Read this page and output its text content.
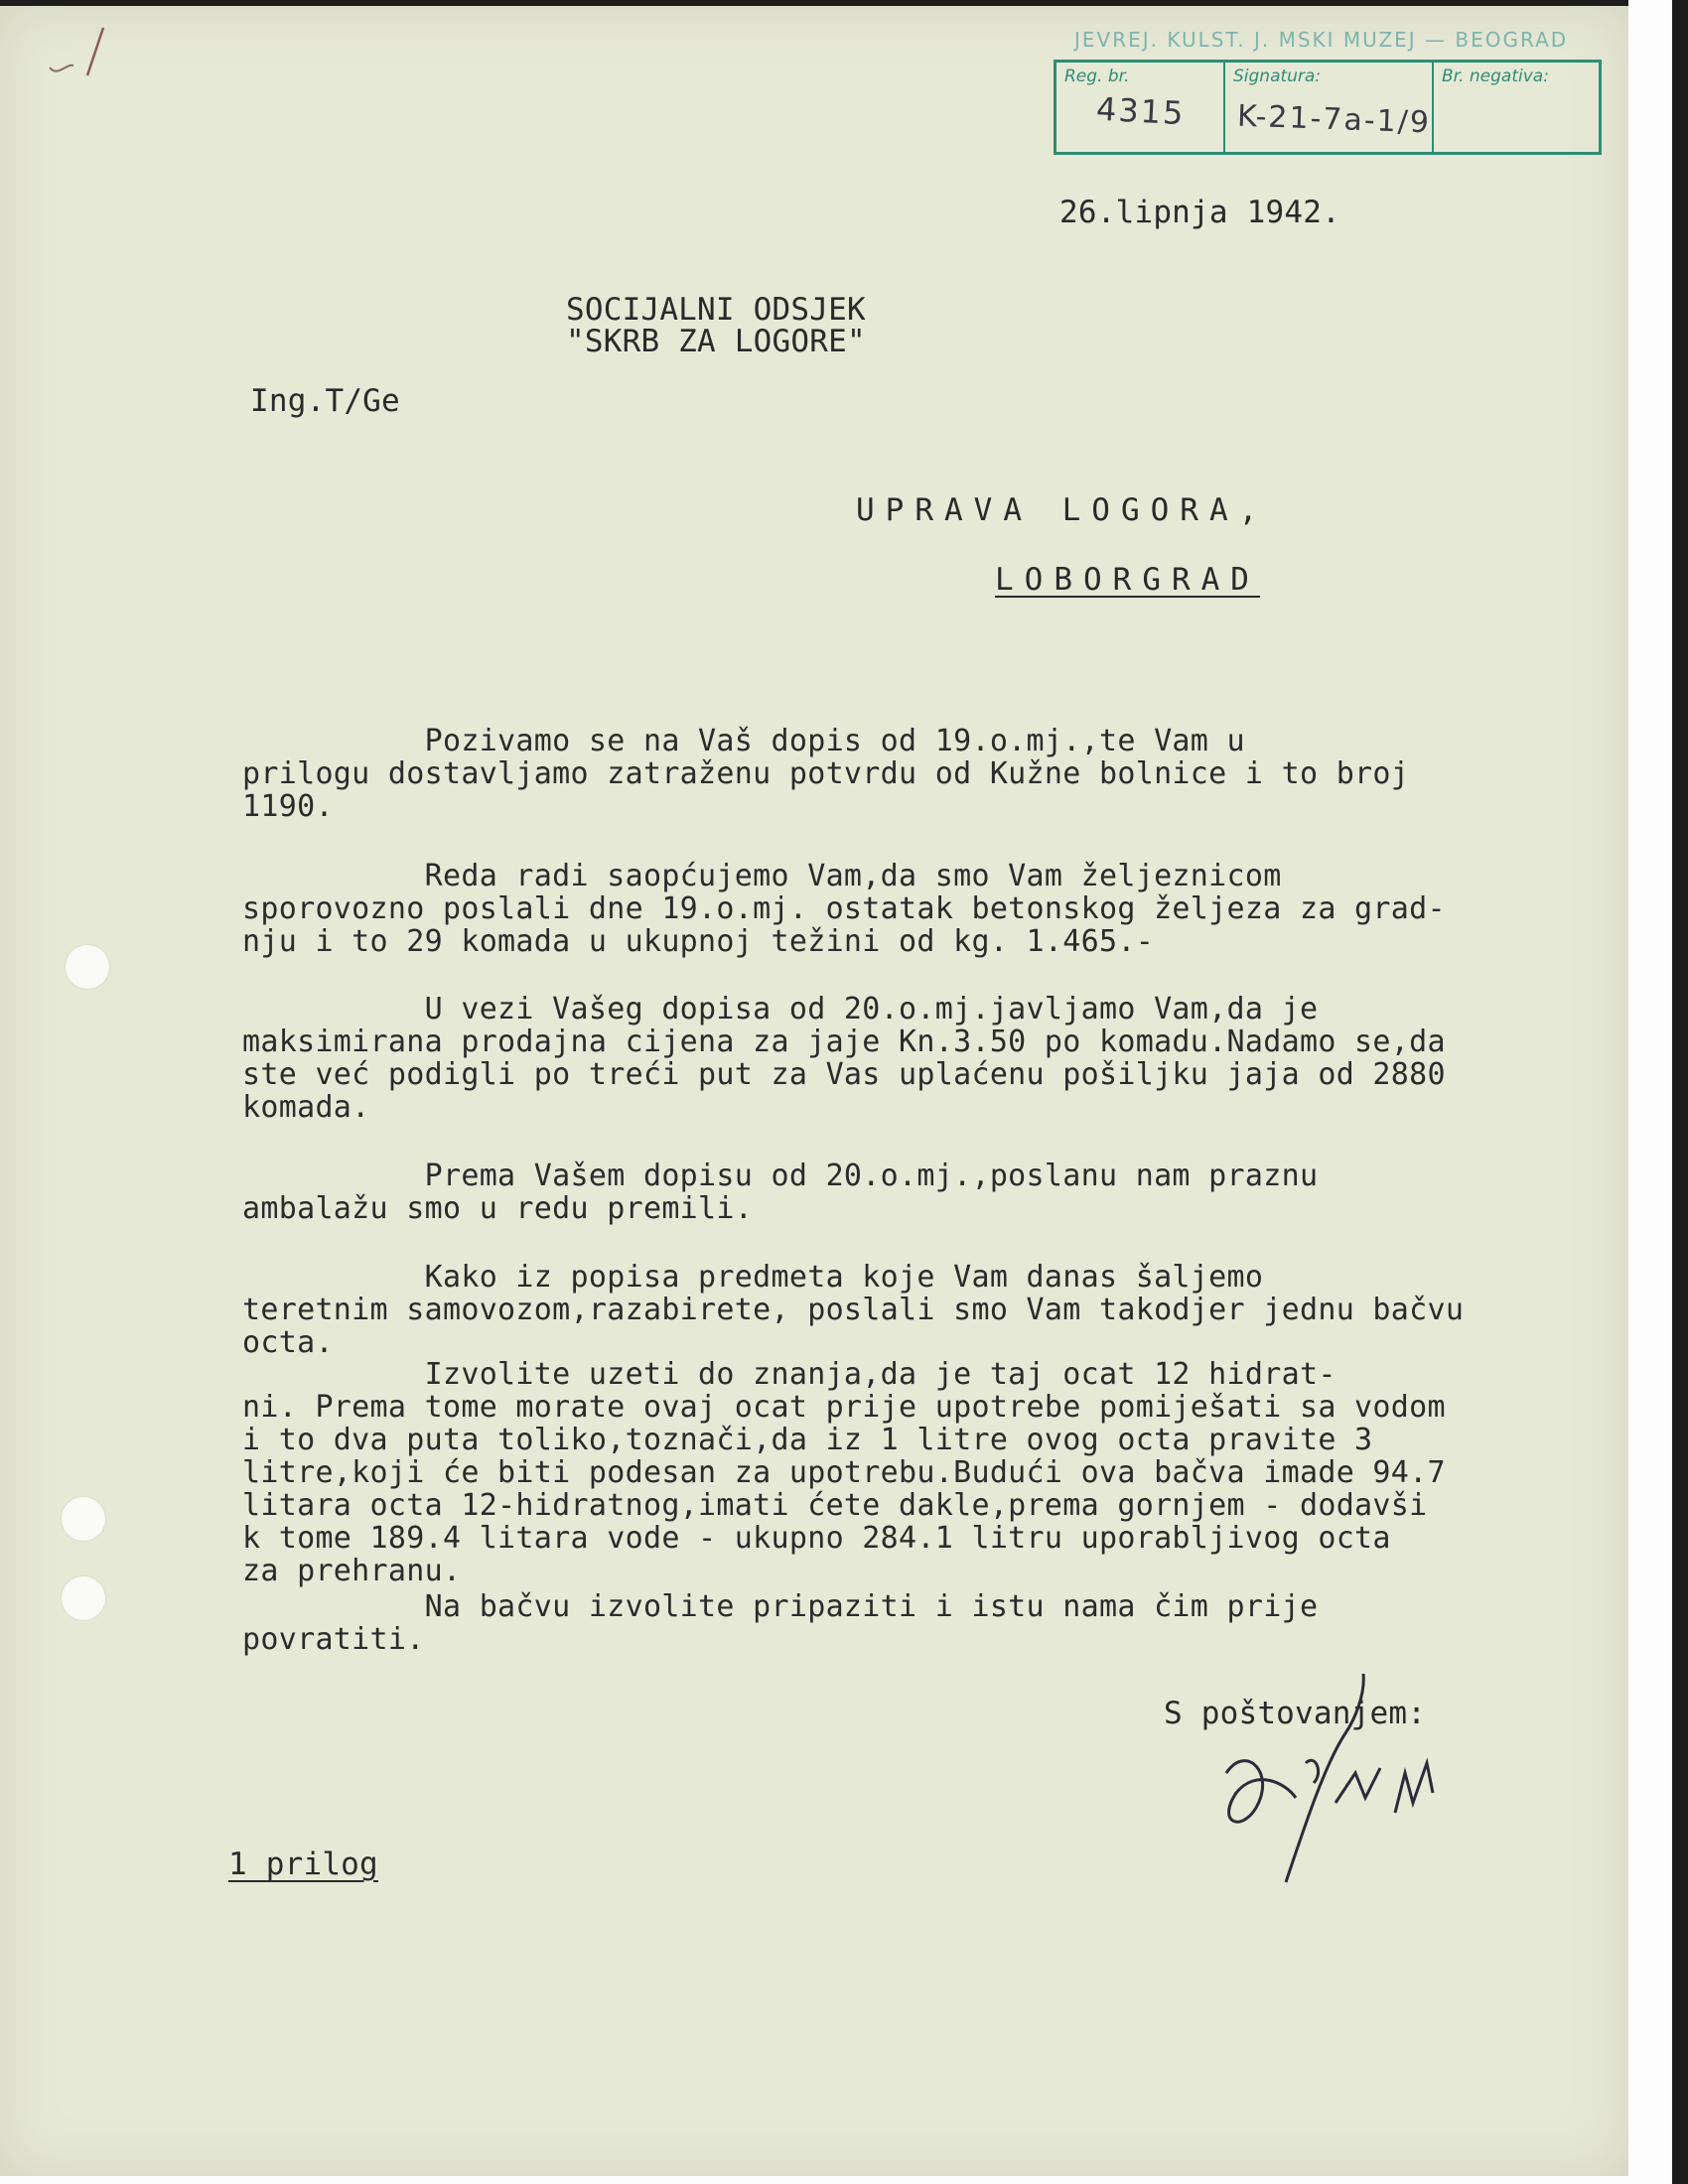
JEVREJ. KULST. J. MSKI MUZEJ — BEOGRAD
Reg. br.
4315
Signatura:
K-21-7a-1/9
Br. negativa:
26.lipnja 1942.
SOCIJALNI ODSJEK
"SKRB ZA LOGORE"
Ing.T/Ge
UPRAVA LOGORA,
LOBORGRAD
Pozivamo se na Vaš dopis od 19.o.mj.,te Vam u
prilogu dostavljamo zatraženu potvrdu od Kužne bolnice i to broj
1190.
Reda radi saopćujemo Vam,da smo Vam željeznicom
sporovozno poslali dne 19.o.mj. ostatak betonskog željeza za grad-
nju i to 29 komada u ukupnoj težini od kg. 1.465.-
U vezi Vašeg dopisa od 20.o.mj.javljamo Vam,da je
maksimirana prodajna cijena za jaje Kn.3.50 po komadu.Nadamo se,da
ste već podigli po treći put za Vas uplaćenu pošiljku jaja od 2880
komada.
Prema Vašem dopisu od 20.o.mj.,poslanu nam praznu
ambalažu smo u redu premili.
Kako iz popisa predmeta koje Vam danas šaljemo
teretnim samovozom,razabirete, poslali smo Vam takodjer jednu bačvu
octa.
Izvolite uzeti do znanja,da je taj ocat 12 hidrat-
ni. Prema tome morate ovaj ocat prije upotrebe pomiješati sa vodom
i to dva puta toliko,toznači,da iz 1 litre ovog octa pravite 3
litre,koji će biti podesan za upotrebu.Budući ova bačva imade 94.7
litara octa 12-hidratnog,imati ćete dakle,prema gornjem - dodavši
k tome 189.4 litara vode - ukupno 284.1 litru uporabljivog octa
za prehranu.
Na bačvu izvolite pripaziti i istu nama čim prije
povratiti.
S poštovanjem:
1 prilog
